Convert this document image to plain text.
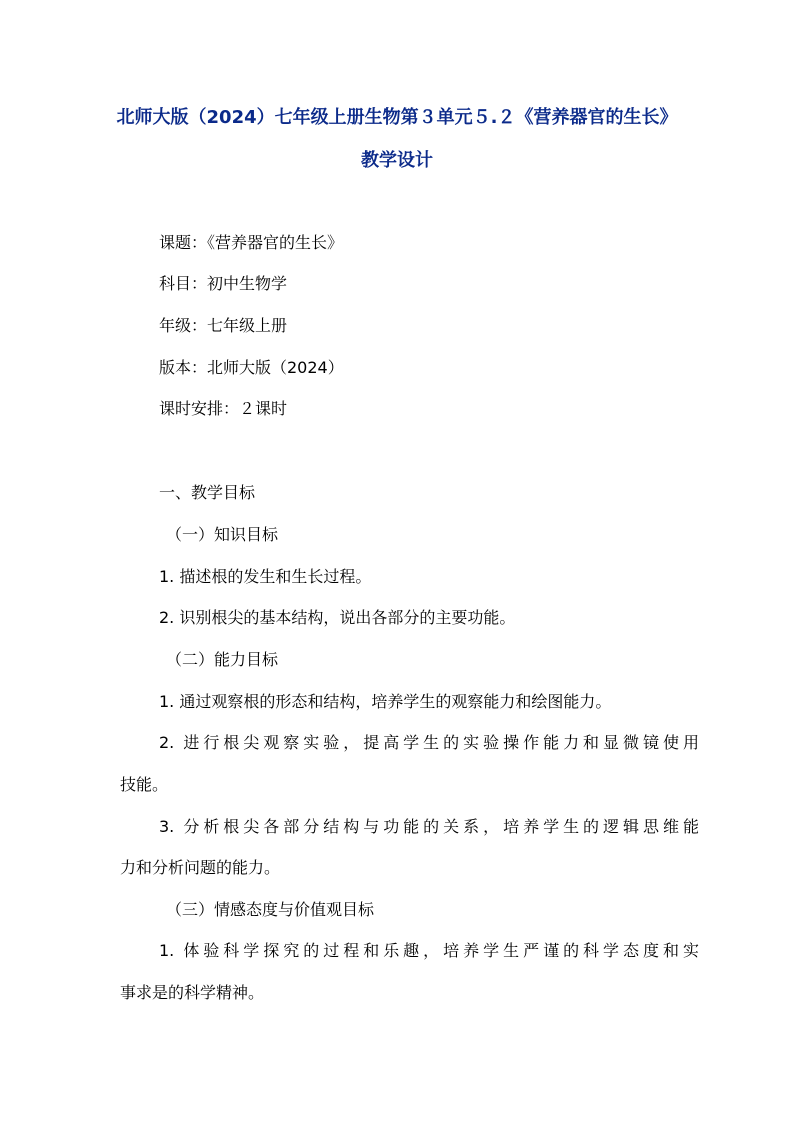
北师大版（2024）七年级上册生物第３单元５.２《营养器官的生长》
教学设计
课题：《营养器官的生长》
科目：初中生物学
年级：七年级上册
版本：北师大版（2024）
课时安排：２课时
一、教学目标
（一）知识目标
1. 描述根的发生和生长过程。
2. 识别根尖的基本结构，说出各部分的主要功能。
（二）能力目标
1. 通过观察根的形态和结构，培养学生的观察能力和绘图能力。
2. 进行根尖观察实验，提高学生的实验操作能力和显微镜使用
技能。
3. 分析根尖各部分结构与功能的关系，培养学生的逻辑思维能
力和分析问题的能力。
（三）情感态度与价值观目标
1. 体验科学探究的过程和乐趣，培养学生严谨的科学态度和实
事求是的科学精神。
